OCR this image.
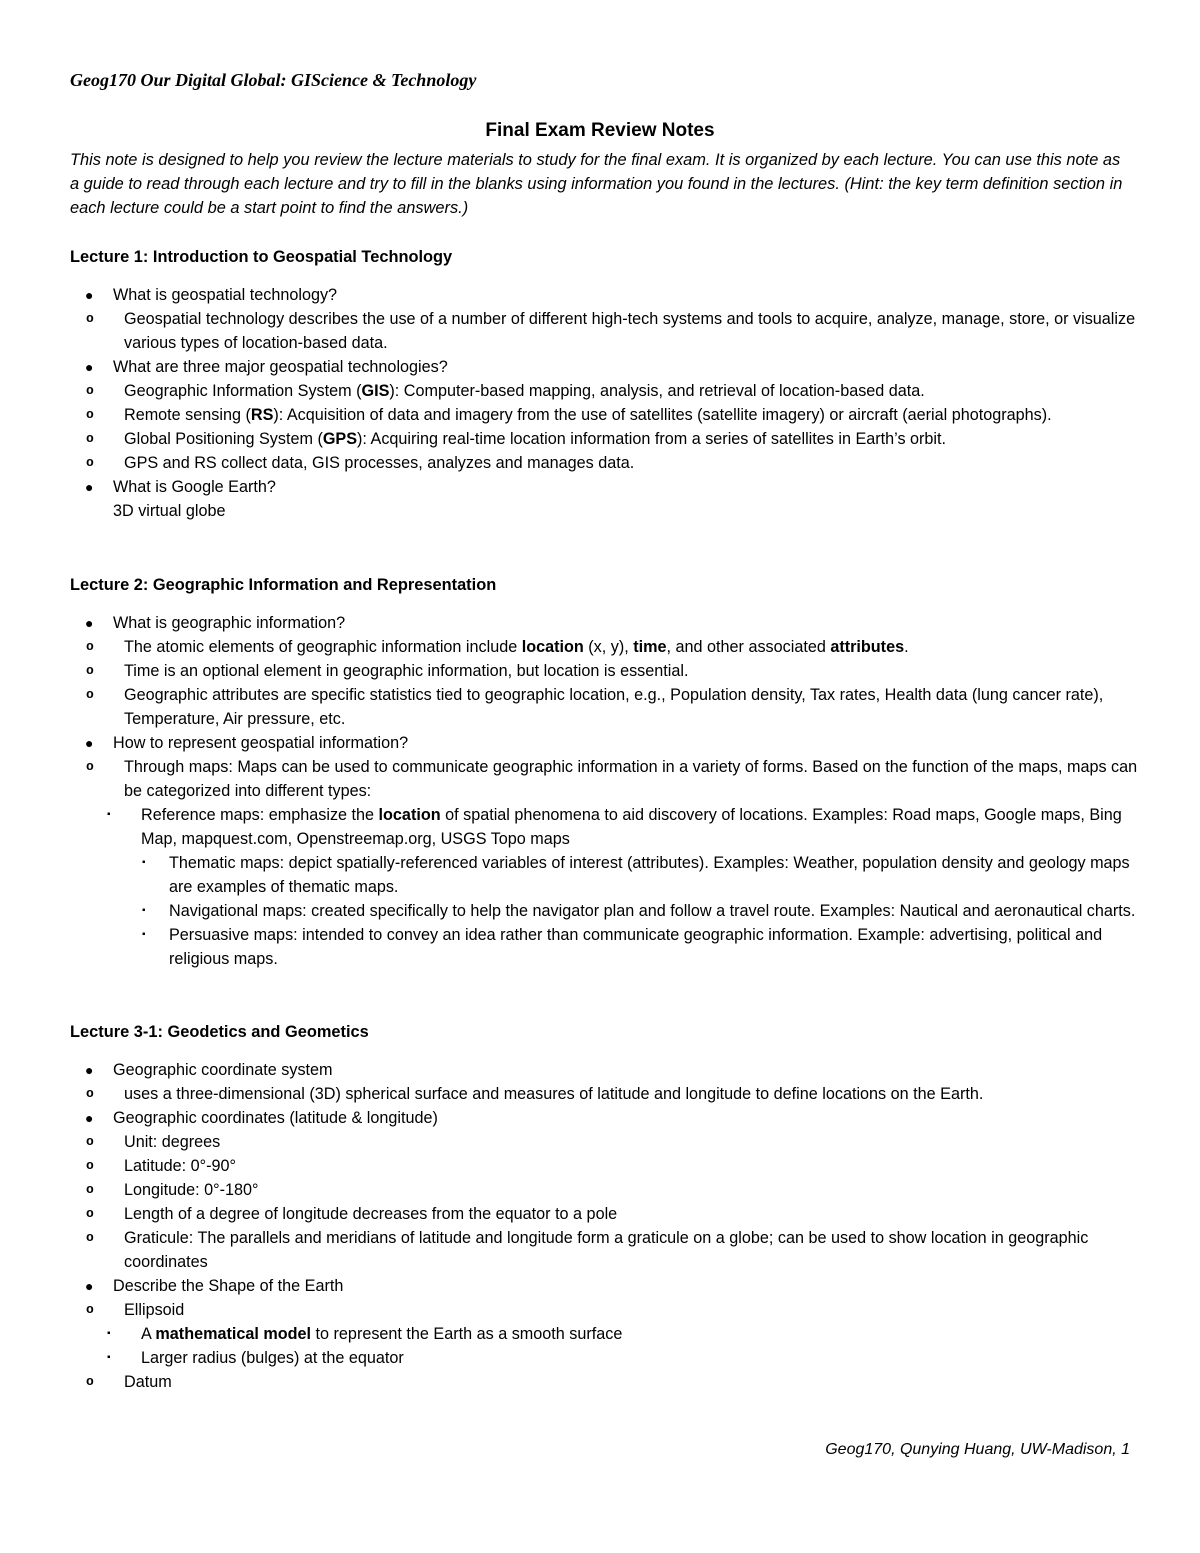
Geog170 Our Digital Global: GIScience & Technology
Final Exam Review Notes
This note is designed to help you review the lecture materials to study for the final exam. It is organized by each lecture. You can use this note as a guide to read through each lecture and try to fill in the blanks using information you found in the lectures. (Hint: the key term definition section in each lecture could be a start point to find the answers.)
Lecture 1: Introduction to Geospatial Technology
● What is geospatial technology?
o Geospatial technology describes the use of a number of different high-tech systems and tools to acquire, analyze, manage, store, or visualize various types of location-based data.
● What are three major geospatial technologies?
o Geographic Information System (GIS): Computer-based mapping, analysis, and retrieval of location-based data.
o Remote sensing (RS): Acquisition of data and imagery from the use of satellites (satellite imagery) or aircraft (aerial photographs).
o Global Positioning System (GPS): Acquiring real-time location information from a series of satellites in Earth’s orbit.
o GPS and RS collect data, GIS processes, analyzes and manages data.
● What is Google Earth?
3D virtual globe
Lecture 2: Geographic Information and Representation
● What is geographic information?
o The atomic elements of geographic information include location (x, y), time, and other associated attributes.
o Time is an optional element in geographic information, but location is essential.
o Geographic attributes are specific statistics tied to geographic location, e.g., Population density, Tax rates, Health data (lung cancer rate), Temperature, Air pressure, etc.
● How to represent geospatial information?
o Through maps: Maps can be used to communicate geographic information in a variety of forms. Based on the function of the maps, maps can be categorized into different types:
▪ Reference maps: emphasize the location of spatial phenomena to aid discovery of locations. Examples: Road maps, Google maps, Bing Map, mapquest.com, Openstreemap.org, USGS Topo maps
▪ Thematic maps: depict spatially-referenced variables of interest (attributes). Examples: Weather, population density and geology maps are examples of thematic maps.
▪ Navigational maps: created specifically to help the navigator plan and follow a travel route. Examples: Nautical and aeronautical charts.
▪ Persuasive maps: intended to convey an idea rather than communicate geographic information. Example: advertising, political and religious maps.
Lecture 3-1: Geodetics and Geometics
● Geographic coordinate system
o uses a three-dimensional (3D) spherical surface and measures of latitude and longitude to define locations on the Earth.
● Geographic coordinates (latitude & longitude)
o Unit: degrees
o Latitude: 0°-90°
o Longitude: 0°-180°
o Length of a degree of longitude decreases from the equator to a pole
o Graticule: The parallels and meridians of latitude and longitude form a graticule on a globe; can be used to show location in geographic coordinates
● Describe the Shape of the Earth
o Ellipsoid
▪ A mathematical model to represent the Earth as a smooth surface
▪ Larger radius (bulges) at the equator
o Datum
Geog170, Qunying Huang, UW-Madison, 1
